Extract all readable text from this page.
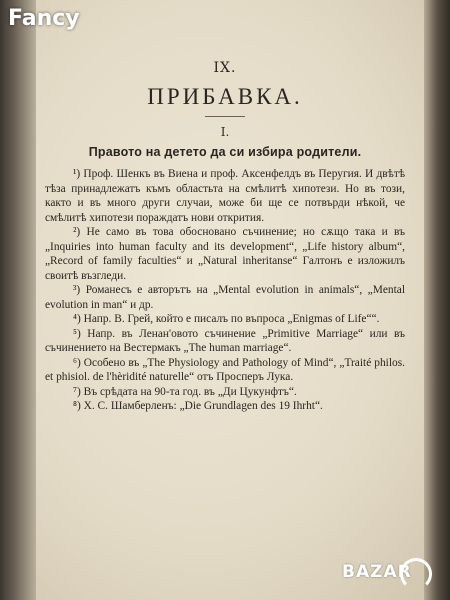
Fancy
IX.
ПРИБАВКА.
I.
Правото на детето да си избира родители.

¹) Проф. Шенкъ въ Виена и проф. Аксенфелдъ въ Перугия. И двѣтѣ тѣза принадлежатъ къмъ областьта на смѣлитѣ хипотези. Но въ този, както и въ много други случаи, може би ще се потвърди нѣкой, че смѣлитѣ хипотези пораждатъ нови открития.

²) Не само въ това обосновано съчинение; но сѫщо така и въ „Inquiries into human faculty and its development“, „Life history album“, „Record of family faculties“ и „Natural inheritanse“ Галтонъ е изложилъ своитѣ възгледи.

³) Романесъ е авторътъ на „Mental evolution in animals“, „Mental evolution in man“ и др.

⁴) Напр. В. Грей, който е писалъ по въпроса „Enigmas of Life““.

⁵) Напр. въ Ленан'овото съчинение „Primitive Marriage“ или въ съчинението на Вестермакъ „The human marriage“.

⁶) Особено въ „The Physiology and Pathology of Mind“, „Traité philos. et phisiol. de l'hèridité naturelle“ отъ Проспeръ Лука.

⁷) Въ срѣдата на 90-та год. въ „Ди Цукунфтъ“.

⁸) Х. С. Шамберленъ: „Die Grundlagen des 19 Ihrht“.

BAZAR
